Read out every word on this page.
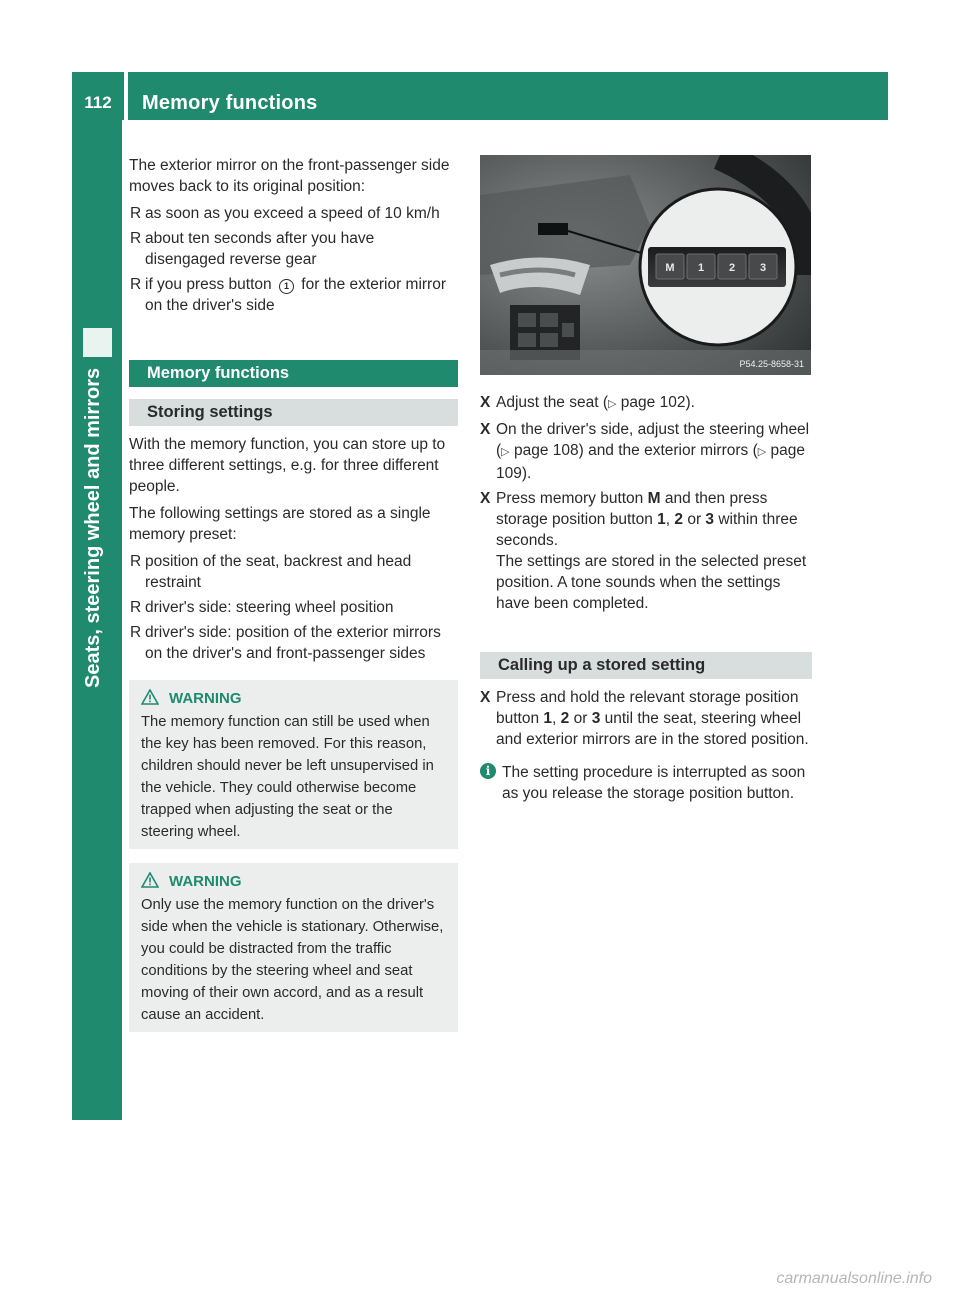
112	Memory functions
Seats, steering wheel and mirrors

The exterior mirror on the front-passenger side moves back to its original position:

R as soon as you exceed a speed of 10 km/h
R about ten seconds after you have disengaged reverse gear
R if you press button 1 for the exterior mirror on the driver's side
Memory functions
Storing settings

With the memory function, you can store up to three different settings, e.g. for three different people.

The following settings are stored as a single memory preset:

R position of the seat, backrest and head restraint
R driver's side: steering wheel position
R driver's side: position of the exterior mirrors on the driver's and front-passenger sides
WARNING
The memory function can still be used when the key has been removed. For this reason, children should never be left unsupervised in the vehicle. They could otherwise become trapped when adjusting the seat or the steering wheel.
WARNING
Only use the memory function on the driver's side when the vehicle is stationary. Otherwise, you could be distracted from the traffic conditions by the steering wheel and seat moving of their own accord, and as a result cause an accident.
M 1 2 3
P54.25-8658-31
X Adjust the seat (▷ page 102).
X On the driver's side, adjust the steering wheel (▷ page 108) and the exterior mirrors (▷ page 109).
X Press memory button M and then press storage position button 1, 2 or 3 within three seconds.
The settings are stored in the selected preset position. A tone sounds when the settings have been completed.
Calling up a stored setting
X Press and hold the relevant storage position button 1, 2 or 3 until the seat, steering wheel and exterior mirrors are in the stored position.
i The setting procedure is interrupted as soon as you release the storage position button.
carmanualsonline.info
